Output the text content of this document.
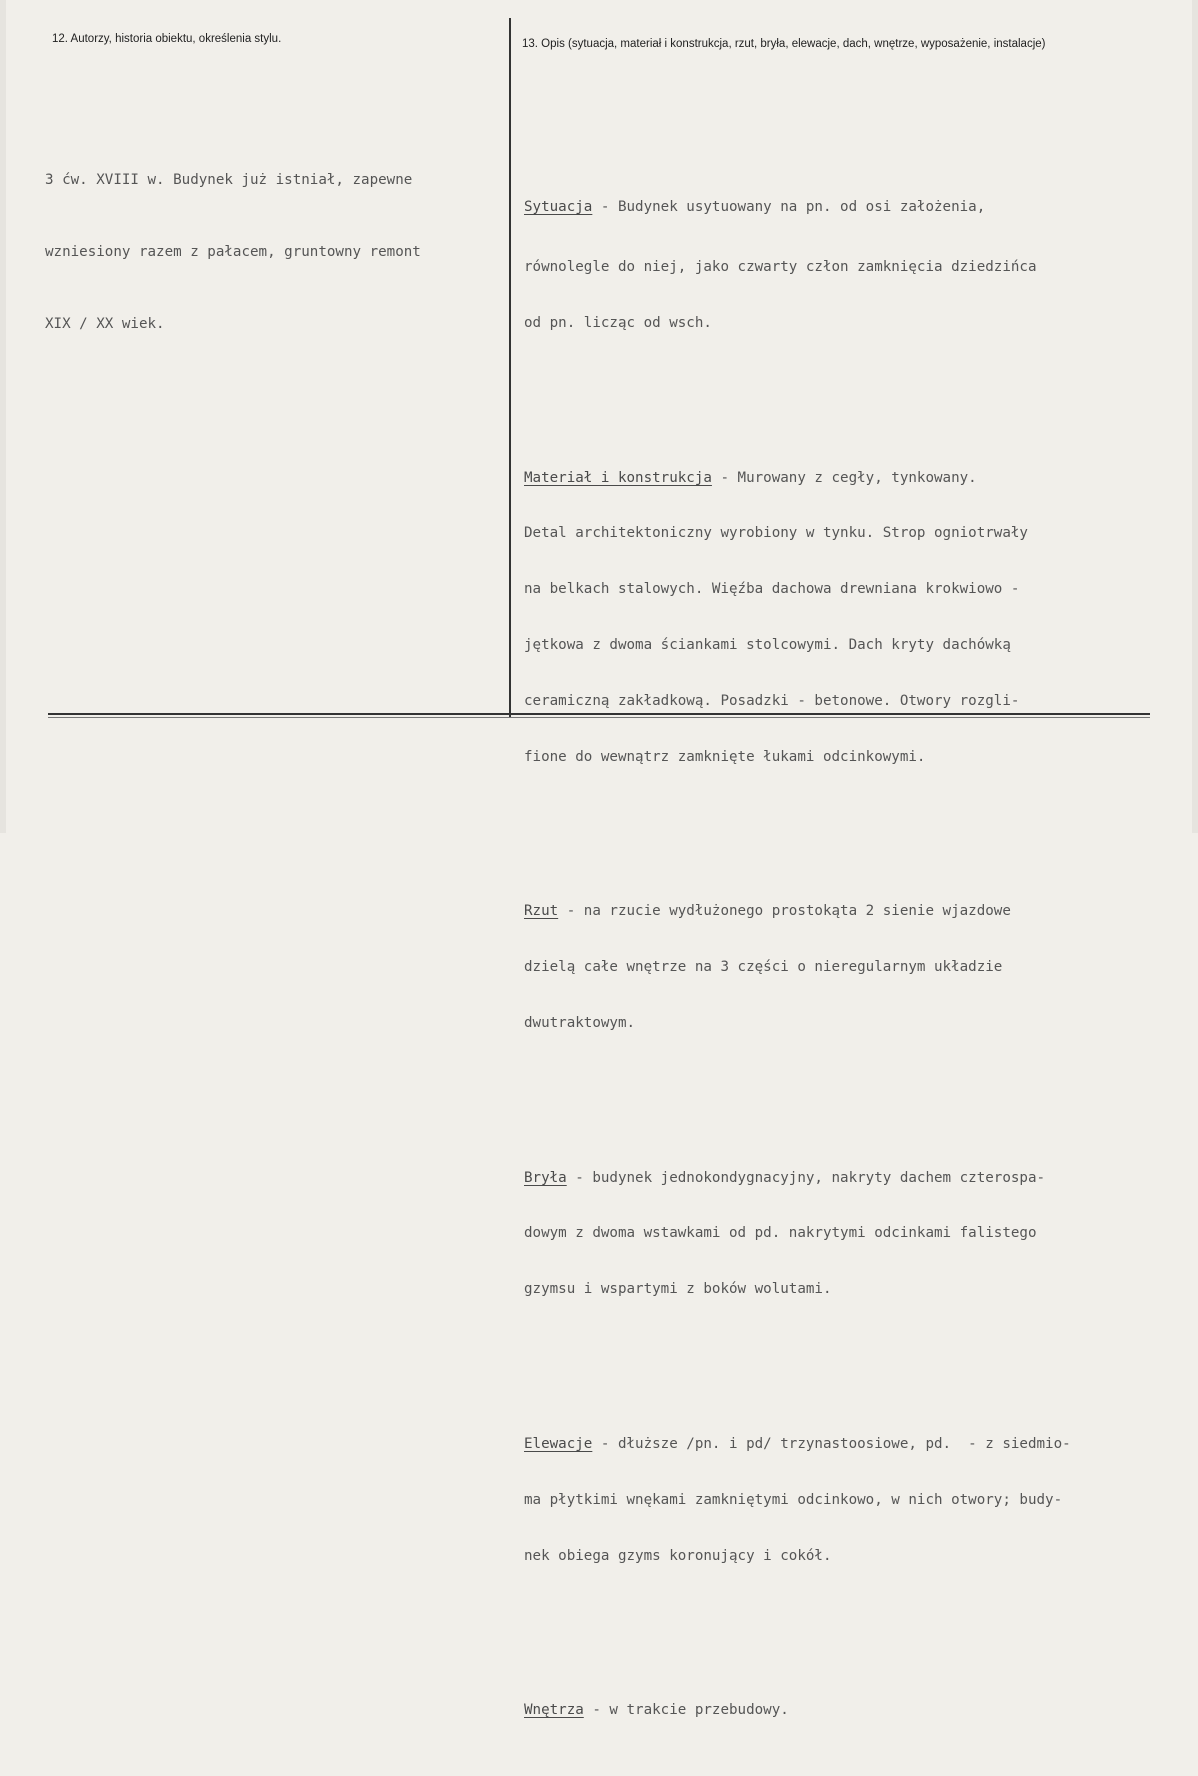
12. Autorzy, historia obiektu, określenia stylu.	13. Opis (sytuacja, materiał i konstrukcja, rzut, bryła, elewacje, dach, wnętrze, wyposażenie, instalacje)

3 ćw. XVIII w. Budynek już istniał, zapewne

wzniesiony razem z pałacem, gruntowny remont

XIX / XX wiek.

Sytuacja - Budynek usytuowany na pn. od osi założenia,

równolegle do niej, jako czwarty człon zamknięcia dziedzińca

od pn. licząc od wsch.

Materiał i konstrukcja - Murowany z cegły, tynkowany.

Detal architektoniczny wyrobiony w tynku. Strop ogniotrwały

na belkach stalowych. Więźba dachowa drewniana krokwiowo -

jętkowa z dwoma ściankami stolcowymi. Dach kryty dachówką

ceramiczną zakładkową. Posadzki - betonowe. Otwory rozgli-

fione do wewnątrz zamknięte łukami odcinkowymi.

Rzut - na rzucie wydłużonego prostokąta 2 sienie wjazdowe

dzielą całe wnętrze na 3 części o nieregularnym układzie

dwutraktowym.

Bryła - budynek jednokondygnacyjny, nakryty dachem czterospa-

dowym z dwoma wstawkami od pd. nakrytymi odcinkami falistego

gzymsu i wspartymi z boków wolutami.

Elewacje - dłuższe /pn. i pd/ trzynastoosiowe, pd.  - z siedmio-

ma płytkimi wnękami zamkniętymi odcinkowo, w nich otwory; budy-

nek obiega gzyms koronujący i cokół.

Wnętrza - w trakcie przebudowy.
